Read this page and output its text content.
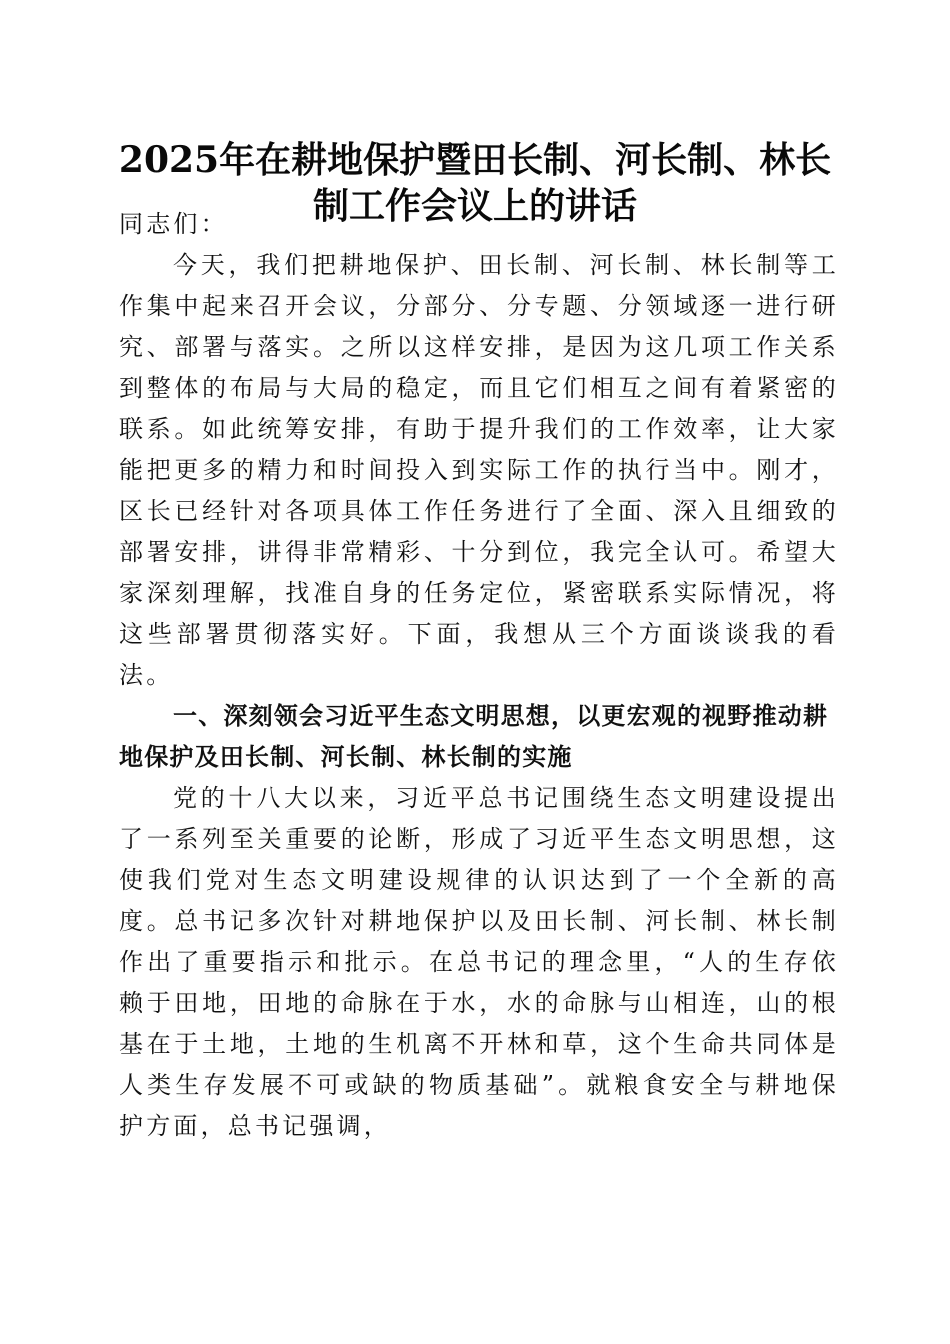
2025年在耕地保护暨田长制、河长制、林长
制工作会议上的讲话

同志们：

今天，我们把耕地保护、田长制、河长制、林长制等工作集中起来召开会议，分部分、分专题、分领域逐一进行研究、部署与落实。之所以这样安排，是因为这几项工作关系到整体的布局与大局的稳定，而且它们相互之间有着紧密的联系。如此统筹安排，有助于提升我们的工作效率，让大家能把更多的精力和时间投入到实际工作的执行当中。刚才，区长已经针对各项具体工作任务进行了全面、深入且细致的部署安排，讲得非常精彩、十分到位，我完全认可。希望大家深刻理解，找准自身的任务定位，紧密联系实际情况，将这些部署贯彻落实好。下面，我想从三个方面谈谈我的看法。

一、深刻领会习近平生态文明思想，以更宏观的视野推动耕地保护及田长制、河长制、林长制的实施

党的十八大以来，习近平总书记围绕生态文明建设提出了一系列至关重要的论断，形成了习近平生态文明思想，这使我们党对生态文明建设规律的认识达到了一个全新的高度。总书记多次针对耕地保护以及田长制、河长制、林长制作出了重要指示和批示。在总书记的理念里，“人的生存依赖于田地，田地的命脉在于水，水的命脉与山相连，山的根基在于土地，土地的生机离不开林和草，这个生命共同体是人类生存发展不可或缺的物质基础”。就粮食安全与耕地保护方面，总书记强调，
